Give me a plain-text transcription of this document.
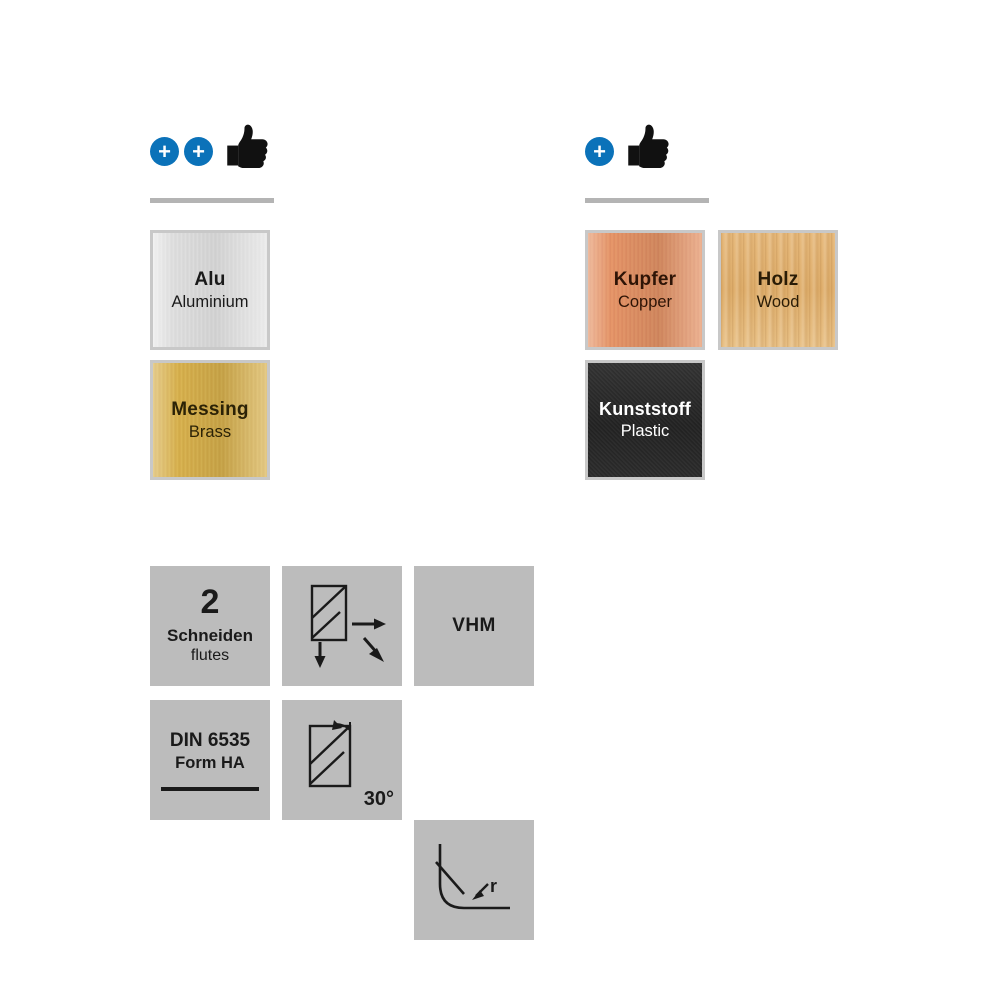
+ +	+
Alu
Aluminium
Messing
Brass
Kupfer
Copper
Holz
Wood
Kunststoff
Plastic
2
Schneiden
flutes
VHM
DIN 6535
Form HA
30°
r
